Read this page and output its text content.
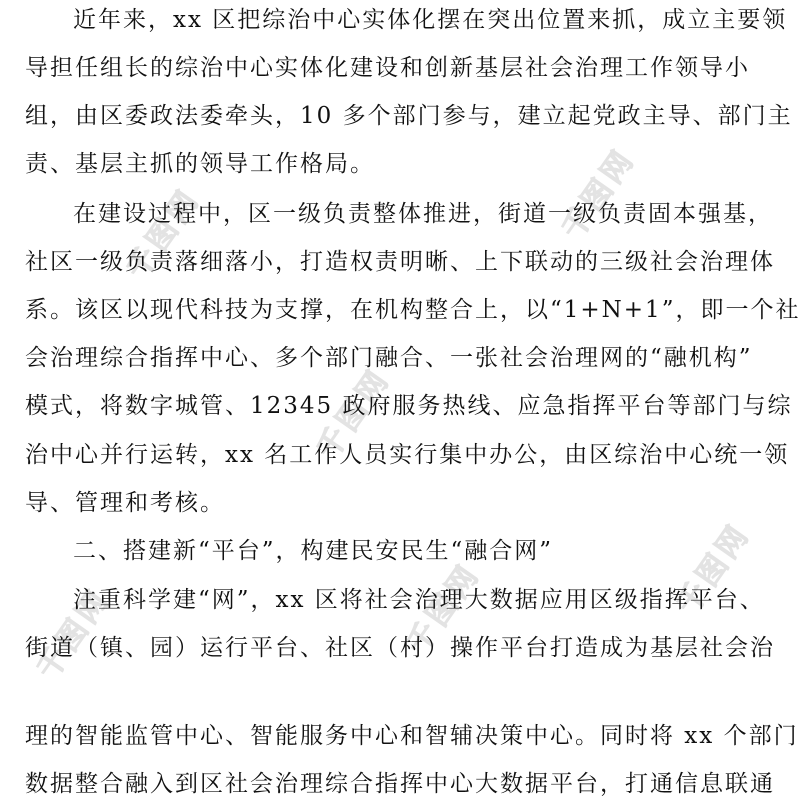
千图网	千图网
千图网
千图网	千图网	千图网
近年来，xx 区把综治中心实体化摆在突出位置来抓，成立主要领
导担任组长的综治中心实体化建设和创新基层社会治理工作领导小
组，由区委政法委牵头，10 多个部门参与，建立起党政主导、部门主
责、基层主抓的领导工作格局。
在建设过程中，区一级负责整体推进，街道一级负责固本强基，
社区一级负责落细落小，打造权责明晰、上下联动的三级社会治理体
系。该区以现代科技为支撑，在机构整合上，以“1+N+1”，即一个社
会治理综合指挥中心、多个部门融合、一张社会治理网的“融机构”
模式，将数字城管、12345 政府服务热线、应急指挥平台等部门与综
治中心并行运转，xx 名工作人员实行集中办公，由区综治中心统一领
导、管理和考核。
二、搭建新“平台”，构建民安民生“融合网”
注重科学建“网”，xx 区将社会治理大数据应用区级指挥平台、
街道（镇、园）运行平台、社区（村）操作平台打造成为基层社会治
理的智能监管中心、智能服务中心和智辅决策中心。同时将 xx 个部门
数据整合融入到区社会治理综合指挥中心大数据平台，打通信息联通
